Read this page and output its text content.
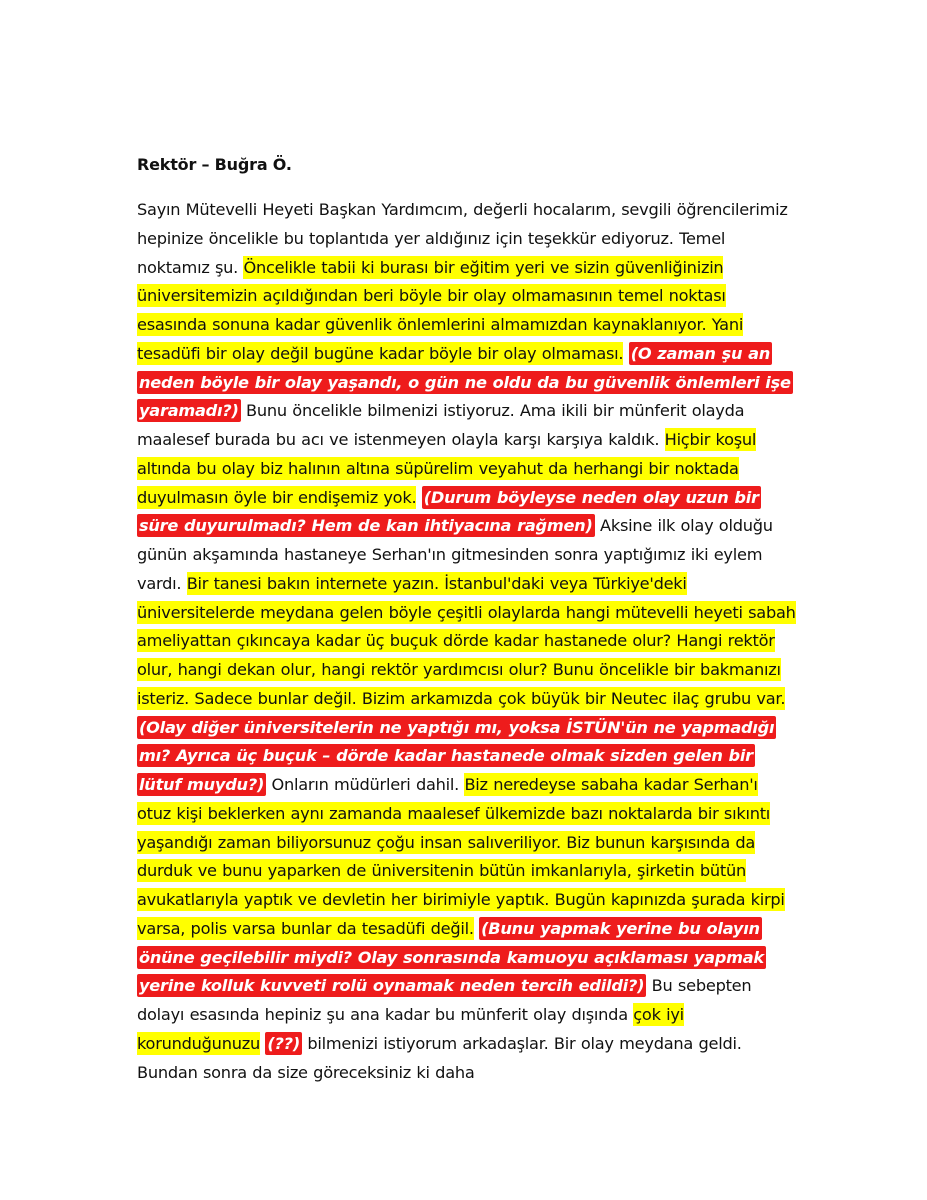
Rektör – Buğra Ö.

Sayın Mütevelli Heyeti Başkan Yardımcım, değerli hocalarım, sevgili öğrencilerimiz hepinize öncelikle bu toplantıda yer aldığınız için teşekkür ediyoruz. Temel noktamız şu. Öncelikle tabii ki burası bir eğitim yeri ve sizin güvenliğinizin üniversitemizin açıldığından beri böyle bir olay olmamasının temel noktası esasında sonuna kadar güvenlik önlemlerini almamızdan kaynaklanıyor. Yani tesadüfi bir olay değil bugüne kadar böyle bir olay olmaması. (O zaman şu an neden böyle bir olay yaşandı, o gün ne oldu da bu güvenlik önlemleri işe yaramadı?) Bunu öncelikle bilmenizi istiyoruz. Ama ikili bir münferit olayda maalesef burada bu acı ve istenmeyen olayla karşı karşıya kaldık. Hiçbir koşul altında bu olay biz halının altına süpürelim veyahut da herhangi bir noktada duyulmasın öyle bir endişemiz yok. (Durum böyleyse neden olay uzun bir süre duyurulmadı? Hem de kan ihtiyacına rağmen) Aksine ilk olay olduğu günün akşamında hastaneye Serhan'ın gitmesinden sonra yaptığımız iki eylem vardı. Bir tanesi bakın internete yazın. İstanbul'daki veya Türkiye'deki üniversitelerde meydana gelen böyle çeşitli olaylarda hangi mütevelli heyeti sabah ameliyattan çıkıncaya kadar üç buçuk dörde kadar hastanede olur? Hangi rektör olur, hangi dekan olur, hangi rektör yardımcısı olur? Bunu öncelikle bir bakmanızı isteriz. Sadece bunlar değil. Bizim arkamızda çok büyük bir Neutec ilaç grubu var. (Olay diğer üniversitelerin ne yaptığı mı, yoksa İSTÜN'ün ne yapmadığı mı? Ayrıca üç buçuk – dörde kadar hastanede olmak sizden gelen bir lütuf muydu?) Onların müdürleri dahil. Biz neredeyse sabaha kadar Serhan'ı otuz kişi beklerken aynı zamanda maalesef ülkemizde bazı noktalarda bir sıkıntı yaşandığı zaman biliyorsunuz çoğu insan salıveriliyor. Biz bunun karşısında da durduk ve bunu yaparken de üniversitenin bütün imkanlarıyla, şirketin bütün avukatlarıyla yaptık ve devletin her birimiyle yaptık. Bugün kapınızda şurada kirpi varsa, polis varsa bunlar da tesadüfi değil. (Bunu yapmak yerine bu olayın önüne geçilebilir miydi? Olay sonrasında kamuoyu açıklaması yapmak yerine kolluk kuvveti rolü oynamak neden tercih edildi?) Bu sebepten dolayı esasında hepiniz şu ana kadar bu münferit olay dışında çok iyi korunduğunuzu (??) bilmenizi istiyorum arkadaşlar. Bir olay meydana geldi. Bundan sonra da size göreceksiniz ki daha
